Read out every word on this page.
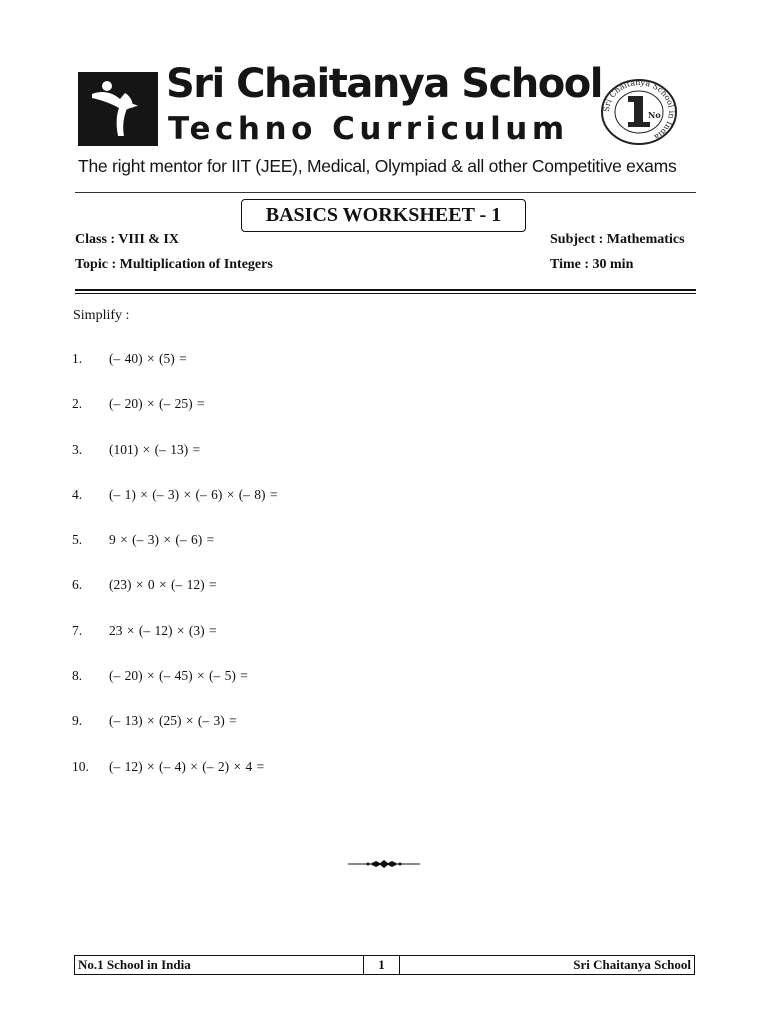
Sri Chaitanya School
Techno Curriculum
Sri Chaitanya School in India
No
The right mentor for IIT (JEE), Medical, Olympiad & all other Competitive exams
BASICS WORKSHEET - 1
Class : VIII & IX	Subject : Mathematics
Topic : Multiplication of Integers	Time : 30 min
Simplify :
1.	(– 40) × (5) =
2.	(– 20) × (– 25) =
3.	(101) × (– 13) =
4.	(– 1) × (– 3) × (– 6) × (– 8) =
5.	9 × (– 3) × (– 6) =
6.	(23) × 0 × (– 12) =
7.	23 × (– 12) × (3) =
8.	(– 20) × (– 45) × (– 5) =
9.	(– 13) × (25) × (– 3) =
10.	(– 12) × (– 4) × (– 2) × 4 =
No.1 School in India	1	Sri Chaitanya School
